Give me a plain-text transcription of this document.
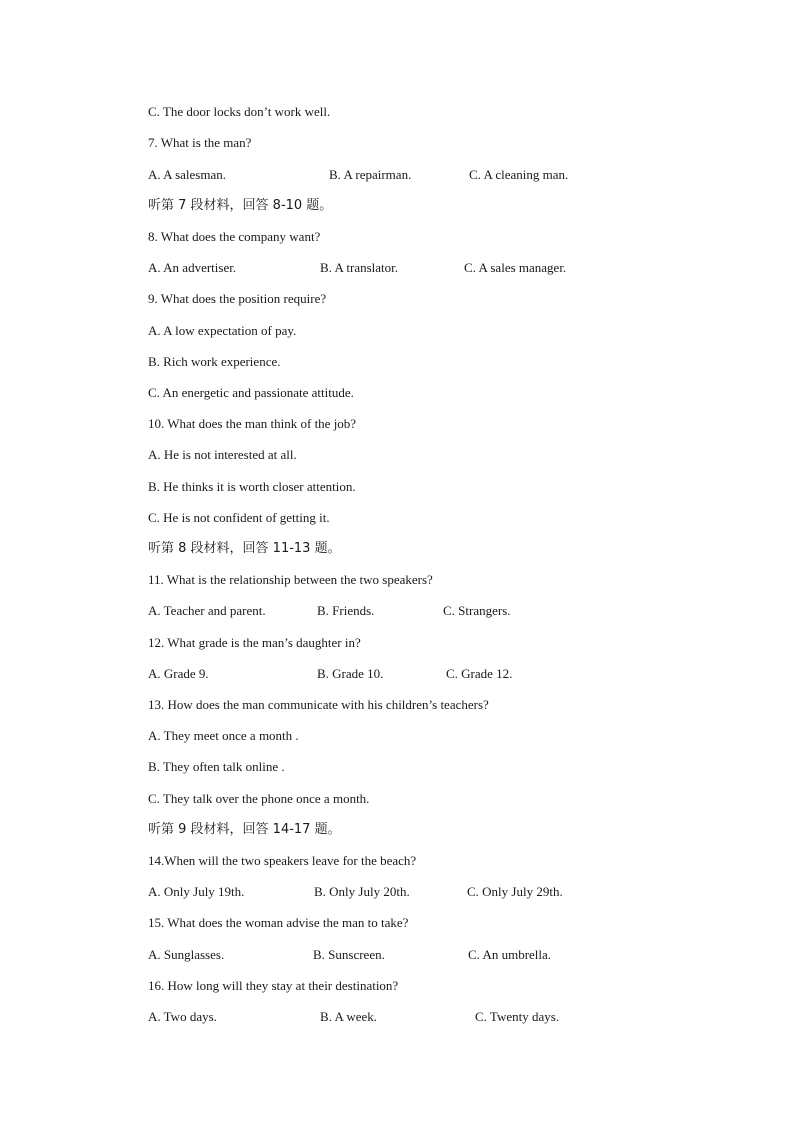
C. The door locks don’t work well.
7. What is the man?
A. A salesman.	B. A repairman.	C. A cleaning man.
听第 7 段材料，回答 8-10 题。
8. What does the company want?
A. An advertiser.	B. A translator.	C. A sales manager.
9. What does the position require?
A. A low expectation of pay.
B. Rich work experience.
C. An energetic and passionate attitude.
10. What does the man think of the job?
A. He is not interested at all.
B. He thinks it is worth closer attention.
C. He is not confident of getting it.
听第 8 段材料，回答 11-13 题。
11. What is the relationship between the two speakers?
A. Teacher and parent.	B. Friends.	C. Strangers.
12. What grade is the man’s daughter in?
A. Grade 9.	B. Grade 10.	C. Grade 12.
13. How does the man communicate with his children’s teachers?
A. They meet once a month .
B. They often talk online .
C. They talk over the phone once a month.
听第 9 段材料，回答 14-17 题。
14.When will the two speakers leave for the beach?
A. Only July 19th.	B. Only July 20th.	C. Only July 29th.
15. What does the woman advise the man to take?
A. Sunglasses.	B. Sunscreen.	C. An umbrella.
16. How long will they stay at their destination?
A. Two days.	B. A week.	C. Twenty days.
